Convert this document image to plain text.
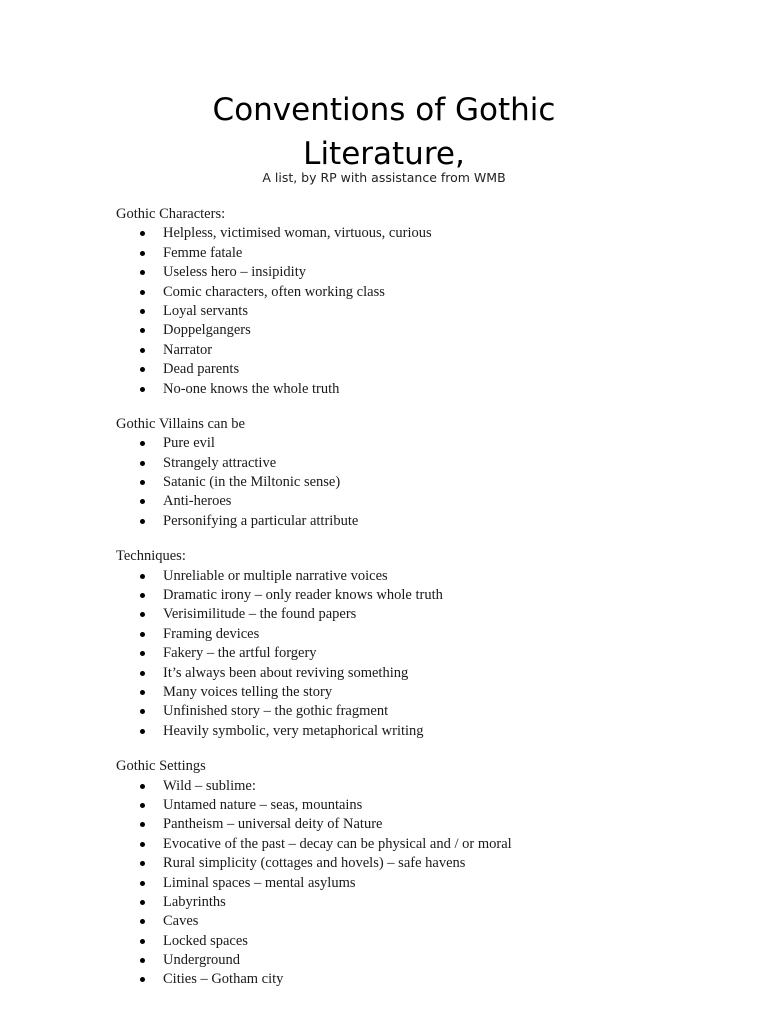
Conventions of Gothic
Literature,
A list, by RP with assistance from WMB
Gothic Characters:
Helpless, victimised woman, virtuous, curious
Femme fatale
Useless hero – insipidity
Comic characters, often working class
Loyal servants
Doppelgangers
Narrator
Dead parents
No-one knows the whole truth
Gothic Villains can be
Pure evil
Strangely attractive
Satanic (in the Miltonic sense)
Anti-heroes
Personifying a particular attribute
Techniques:
Unreliable or multiple narrative voices
Dramatic irony – only reader knows whole truth
Verisimilitude – the found papers
Framing devices
Fakery – the artful forgery
It’s always been about reviving something
Many voices telling the story
Unfinished story – the gothic fragment
Heavily symbolic, very metaphorical writing
Gothic Settings
Wild – sublime:
Untamed nature – seas, mountains
Pantheism – universal deity of Nature
Evocative of the past – decay can be physical and / or moral
Rural simplicity (cottages and hovels) – safe havens
Liminal spaces – mental asylums
Labyrinths
Caves
Locked spaces
Underground
Cities – Gotham city
